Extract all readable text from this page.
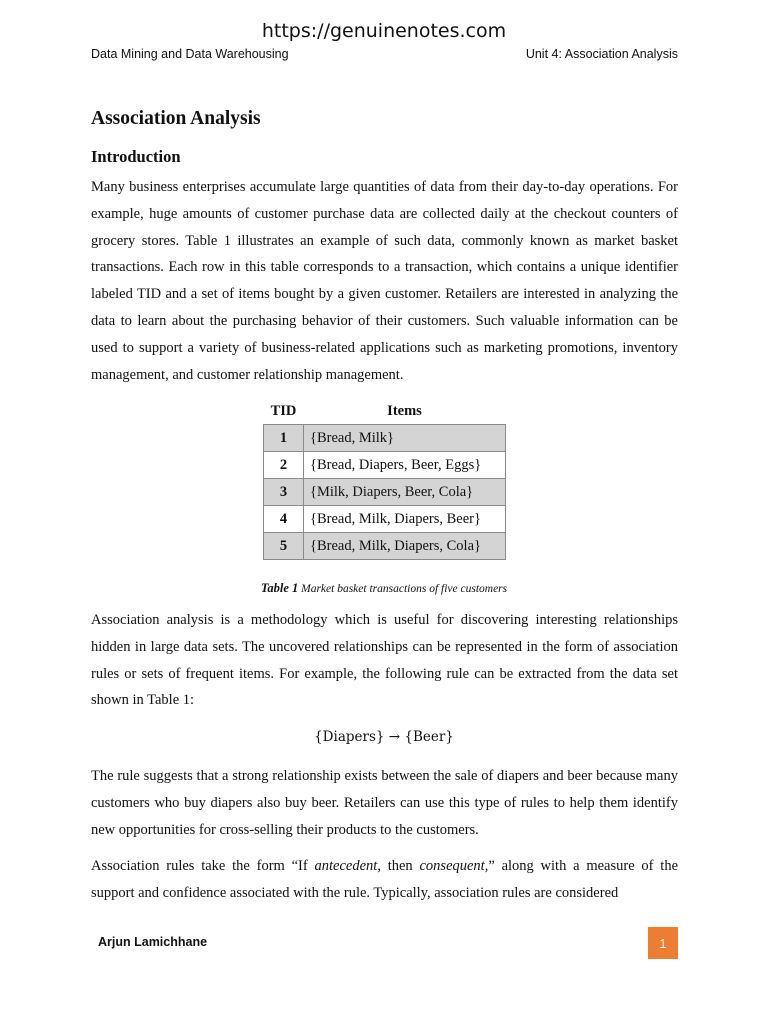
https://genuinenotes.com
Data Mining and Data Warehousing	Unit 4: Association Analysis
Association Analysis
Introduction

Many business enterprises accumulate large quantities of data from their day-to-day operations. For example, huge amounts of customer purchase data are collected daily at the checkout counters of grocery stores. Table 1 illustrates an example of such data, commonly known as market basket transactions. Each row in this table corresponds to a transaction, which contains a unique identifier labeled TID and a set of items bought by a given customer. Retailers are interested in analyzing the data to learn about the purchasing behavior of their customers. Such valuable information can be used to support a variety of business-related applications such as marketing promotions, inventory management, and customer relationship management.

TID	Items
1	{Bread, Milk}
2	{Bread, Diapers, Beer, Eggs}
3	{Milk, Diapers, Beer, Cola}
4	{Bread, Milk, Diapers, Beer}
5	{Bread, Milk, Diapers, Cola}
Table 1 Market basket transactions of five customers

Association analysis is a methodology which is useful for discovering interesting relationships hidden in large data sets. The uncovered relationships can be represented in the form of association rules or sets of frequent items. For example, the following rule can be extracted from the data set shown in Table 1:

{Diapers} → {Beer}

The rule suggests that a strong relationship exists between the sale of diapers and beer because many customers who buy diapers also buy beer. Retailers can use this type of rules to help them identify new opportunities for cross-selling their products to the customers.

Association rules take the form “If antecedent, then consequent,” along with a measure of the support and confidence associated with the rule. Typically, association rules are considered

Arjun Lamichhane	1
